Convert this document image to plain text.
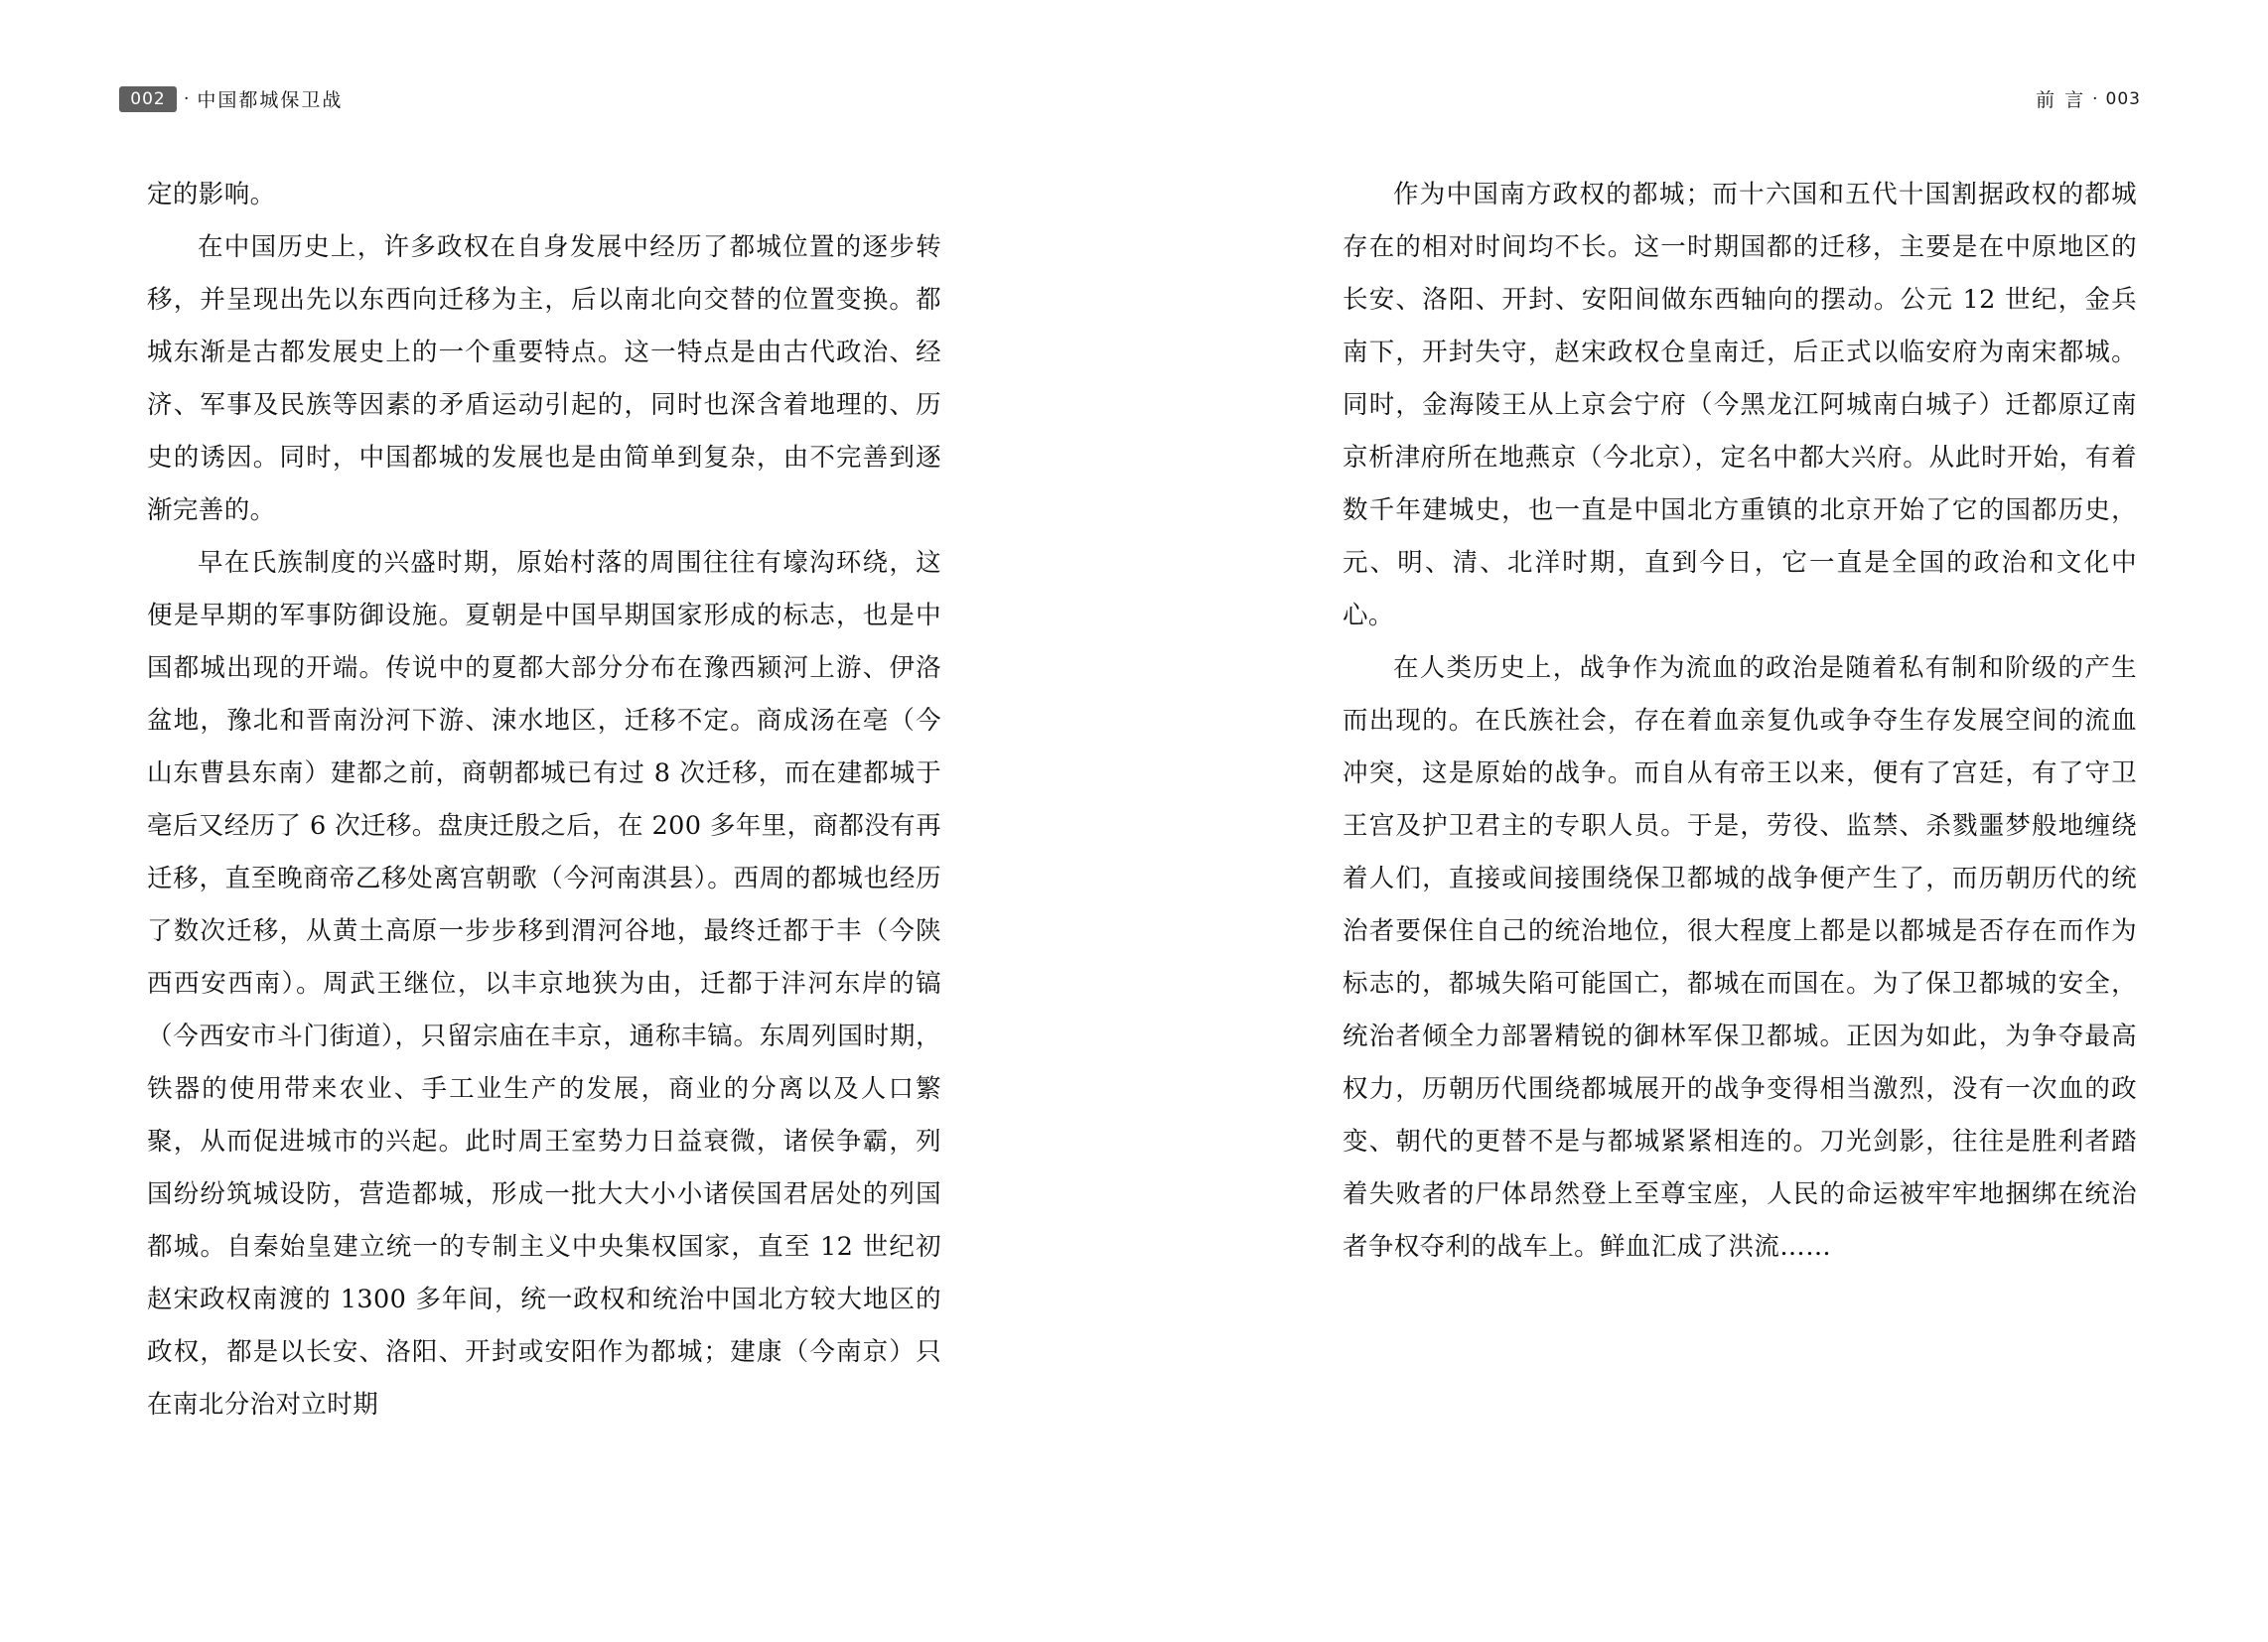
002	· 中国都城保卫战

定的影响。

在中国历史上，许多政权在自身发展中经历了都城位置的逐步转移，并呈现出先以东西向迁移为主，后以南北向交替的位置变换。都城东渐是古都发展史上的一个重要特点。这一特点是由古代政治、经济、军事及民族等因素的矛盾运动引起的，同时也深含着地理的、历史的诱因。同时，中国都城的发展也是由简单到复杂，由不完善到逐渐完善的。

早在氏族制度的兴盛时期，原始村落的周围往往有壕沟环绕，这便是早期的军事防御设施。夏朝是中国早期国家形成的标志，也是中国都城出现的开端。传说中的夏都大部分分布在豫西颍河上游、伊洛盆地，豫北和晋南汾河下游、涑水地区，迁移不定。商成汤在亳（今山东曹县东南）建都之前，商朝都城已有过 8 次迁移，而在建都城于亳后又经历了 6 次迁移。盘庚迁殷之后，在 200 多年里，商都没有再迁移，直至晚商帝乙移处离宫朝歌（今河南淇县）。西周的都城也经历了数次迁移，从黄土高原一步步移到渭河谷地，最终迁都于丰（今陕西西安西南）。周武王继位，以丰京地狭为由，迁都于沣河东岸的镐（今西安市斗门街道），只留宗庙在丰京，通称丰镐。东周列国时期，铁器的使用带来农业、手工业生产的发展，商业的分离以及人口繁聚，从而促进城市的兴起。此时周王室势力日益衰微，诸侯争霸，列国纷纷筑城设防，营造都城，形成一批大大小小诸侯国君居处的列国都城。自秦始皇建立统一的专制主义中央集权国家，直至 12 世纪初赵宋政权南渡的 1300 多年间，统一政权和统治中国北方较大地区的政权，都是以长安、洛阳、开封或安阳作为都城；建康（今南京）只在南北分治对立时期

前 言 · 003

作为中国南方政权的都城；而十六国和五代十国割据政权的都城存在的相对时间均不长。这一时期国都的迁移，主要是在中原地区的长安、洛阳、开封、安阳间做东西轴向的摆动。公元 12 世纪，金兵南下，开封失守，赵宋政权仓皇南迁，后正式以临安府为南宋都城。同时，金海陵王从上京会宁府（今黑龙江阿城南白城子）迁都原辽南京析津府所在地燕京（今北京），定名中都大兴府。从此时开始，有着数千年建城史，也一直是中国北方重镇的北京开始了它的国都历史，元、明、清、北洋时期，直到今日，它一直是全国的政治和文化中心。

在人类历史上，战争作为流血的政治是随着私有制和阶级的产生而出现的。在氏族社会，存在着血亲复仇或争夺生存发展空间的流血冲突，这是原始的战争。而自从有帝王以来，便有了宫廷，有了守卫王宫及护卫君主的专职人员。于是，劳役、监禁、杀戮噩梦般地缠绕着人们，直接或间接围绕保卫都城的战争便产生了，而历朝历代的统治者要保住自己的统治地位，很大程度上都是以都城是否存在而作为标志的，都城失陷可能国亡，都城在而国在。为了保卫都城的安全，统治者倾全力部署精锐的御林军保卫都城。正因为如此，为争夺最高权力，历朝历代围绕都城展开的战争变得相当激烈，没有一次血的政变、朝代的更替不是与都城紧紧相连的。刀光剑影，往往是胜利者踏着失败者的尸体昂然登上至尊宝座，人民的命运被牢牢地捆绑在统治者争权夺利的战车上。鲜血汇成了洪流……
